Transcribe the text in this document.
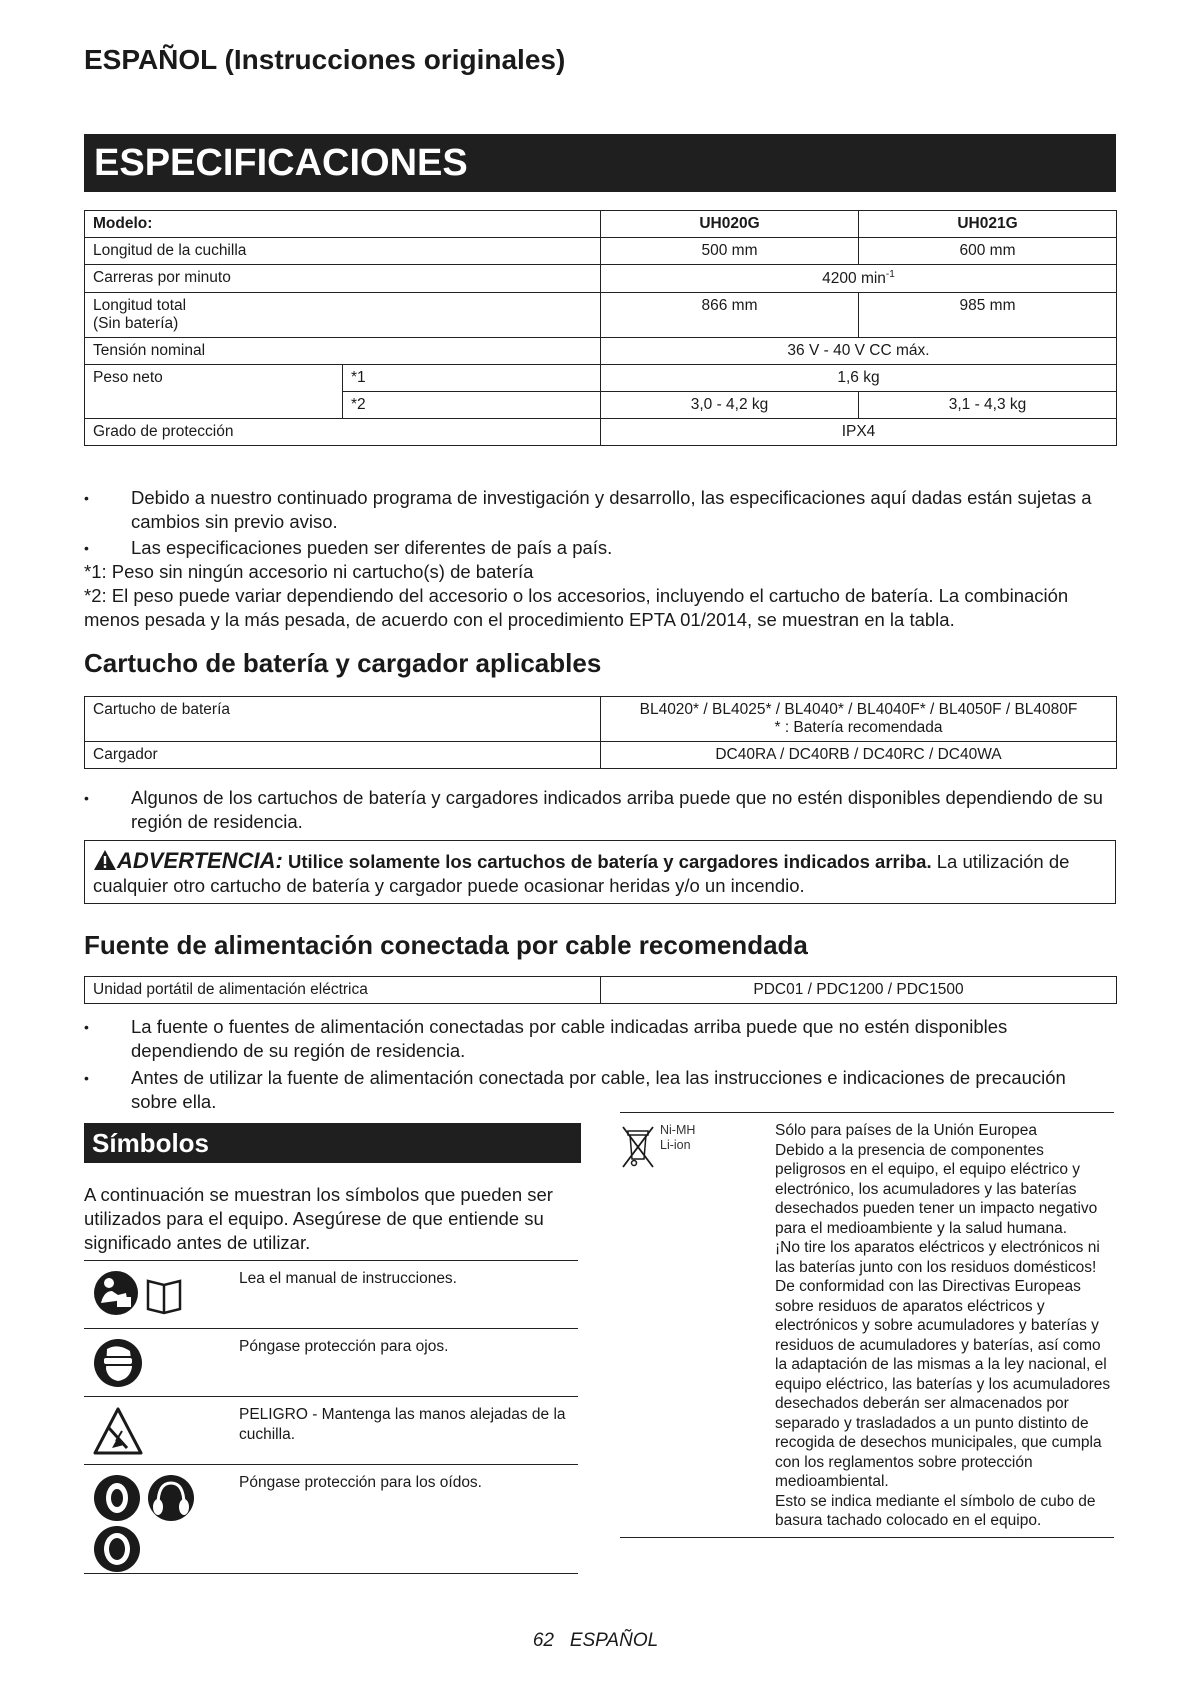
ESPAÑOL (Instrucciones originales)
ESPECIFICACIONES
Modelo:		UH020G	UH021G
Longitud de la cuchilla		500 mm	600 mm
Carreras por minuto		4200 $\min^{-1}$

Longitud total
(Sin batería)		866 mm	985 mm
Tensión nominal		36 V - 40 V CC máx.	
Peso neto	*1	1,6 kg	
	*2	3,0 - 4,2 kg	3,1 - 4,3 kg
Grado de protección		IPX4	
• Debido a nuestro continuado programa de investigación y desarrollo, las especificaciones aquí dadas están sujetas a cambios sin previo aviso.
• Las especificaciones pueden ser diferentes de país a país.
*1: Peso sin ningún accesorio ni cartucho(s) de batería
*2: El peso puede variar dependiendo del accesorio o los accesorios, incluyendo el cartucho de batería. La combinación menos pesada y la más pesada, de acuerdo con el procedimiento EPTA 01/2014, se muestran en la tabla.
Cartucho de batería y cargador aplicables
Cartucho de batería	BL4020* / BL4025* / BL4040* / BL4040F* / BL4050F / BL4080F
* : Batería recomendada

Cargador	DC40RA / DC40RB / DC40RC / DC40WA
• Algunos de los cartuchos de batería y cargadores indicados arriba puede que no estén disponibles dependiendo de su región de residencia.
ADVERTENCIA: Utilice solamente los cartuchos de batería y cargadores indicados arriba. La utilización de cualquier otro cartucho de batería y cargador puede ocasionar heridas y/o un incendio.
Fuente de alimentación conectada por cable recomendada
Unidad portátil de alimentación eléctrica	PDC01 / PDC1200 / PDC1500
• La fuente o fuentes de alimentación conectadas por cable indicadas arriba puede que no estén disponibles dependiendo de su región de residencia.
• Antes de utilizar la fuente de alimentación conectada por cable, lea las instrucciones e indicaciones de precaución sobre ella.
Símbolos
A continuación se muestran los símbolos que pueden ser utilizados para el equipo. Asegúrese de que entiende su significado antes de utilizar.
Lea el manual de instrucciones.
Póngase protección para ojos.
PELIGRO - Mantenga las manos alejadas de la cuchilla.
Póngase protección para los oídos.
Ni-MH
Li-ion
Sólo para países de la Unión Europea
Debido a la presencia de componentes peligrosos en el equipo, el equipo eléctrico y electrónico, los acumuladores y las baterías desechados pueden tener un impacto negativo para el medioambiente y la salud humana.
¡No tire los aparatos eléctricos y electrónicos ni las baterías junto con los residuos domésticos!
De conformidad con las Directivas Europeas sobre residuos de aparatos eléctricos y electrónicos y sobre acumuladores y baterías y residuos de acumuladores y baterías, así como la adaptación de las mismas a la ley nacional, el equipo eléctrico, las baterías y los acumuladores desechados deberán ser almacenados por separado y trasladados a un punto distinto de recogida de desechos municipales, que cumpla con los reglamentos sobre protección medioambiental.
Esto se indica mediante el símbolo de cubo de basura tachado colocado en el equipo.
62 ESPAÑOL
